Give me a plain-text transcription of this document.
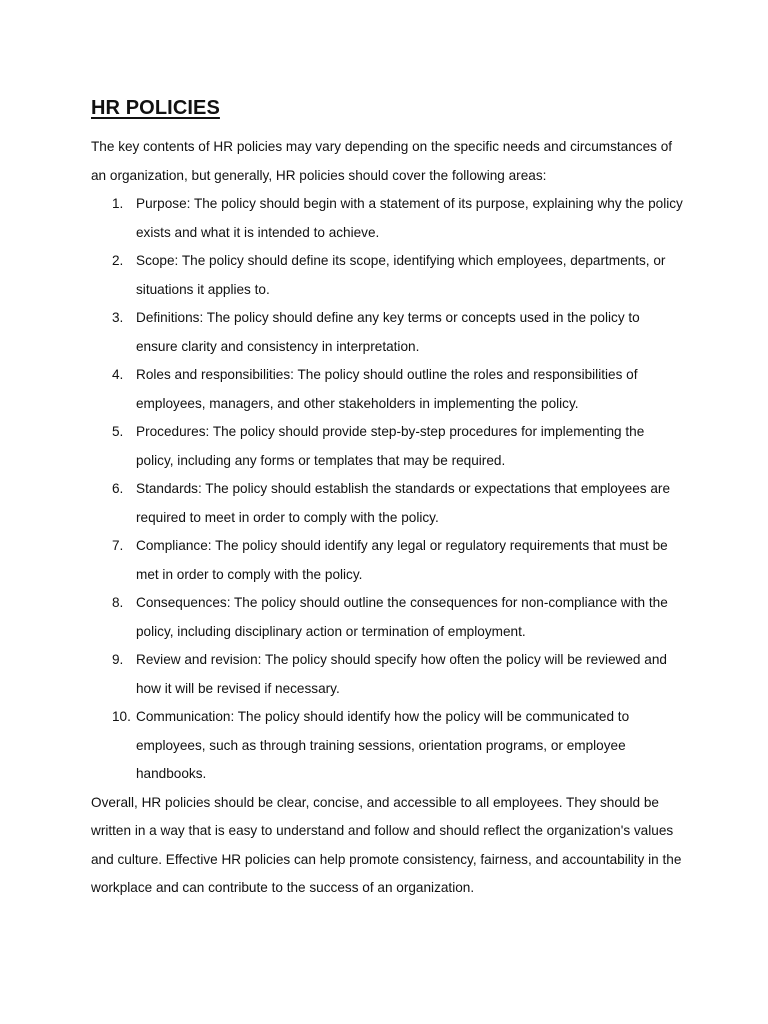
HR POLICIES

The key contents of HR policies may vary depending on the specific needs and circumstances of an organization, but generally, HR policies should cover the following areas:

1. Purpose: The policy should begin with a statement of its purpose, explaining why the policy exists and what it is intended to achieve.
2. Scope: The policy should define its scope, identifying which employees, departments, or situations it applies to.
3. Definitions: The policy should define any key terms or concepts used in the policy to ensure clarity and consistency in interpretation.
4. Roles and responsibilities: The policy should outline the roles and responsibilities of employees, managers, and other stakeholders in implementing the policy.
5. Procedures: The policy should provide step-by-step procedures for implementing the policy, including any forms or templates that may be required.
6. Standards: The policy should establish the standards or expectations that employees are required to meet in order to comply with the policy.
7. Compliance: The policy should identify any legal or regulatory requirements that must be met in order to comply with the policy.
8. Consequences: The policy should outline the consequences for non-compliance with the policy, including disciplinary action or termination of employment.
9. Review and revision: The policy should specify how often the policy will be reviewed and how it will be revised if necessary.
10. Communication: The policy should identify how the policy will be communicated to employees, such as through training sessions, orientation programs, or employee handbooks.

Overall, HR policies should be clear, concise, and accessible to all employees. They should be written in a way that is easy to understand and follow and should reflect the organization's values and culture. Effective HR policies can help promote consistency, fairness, and accountability in the workplace and can contribute to the success of an organization.
